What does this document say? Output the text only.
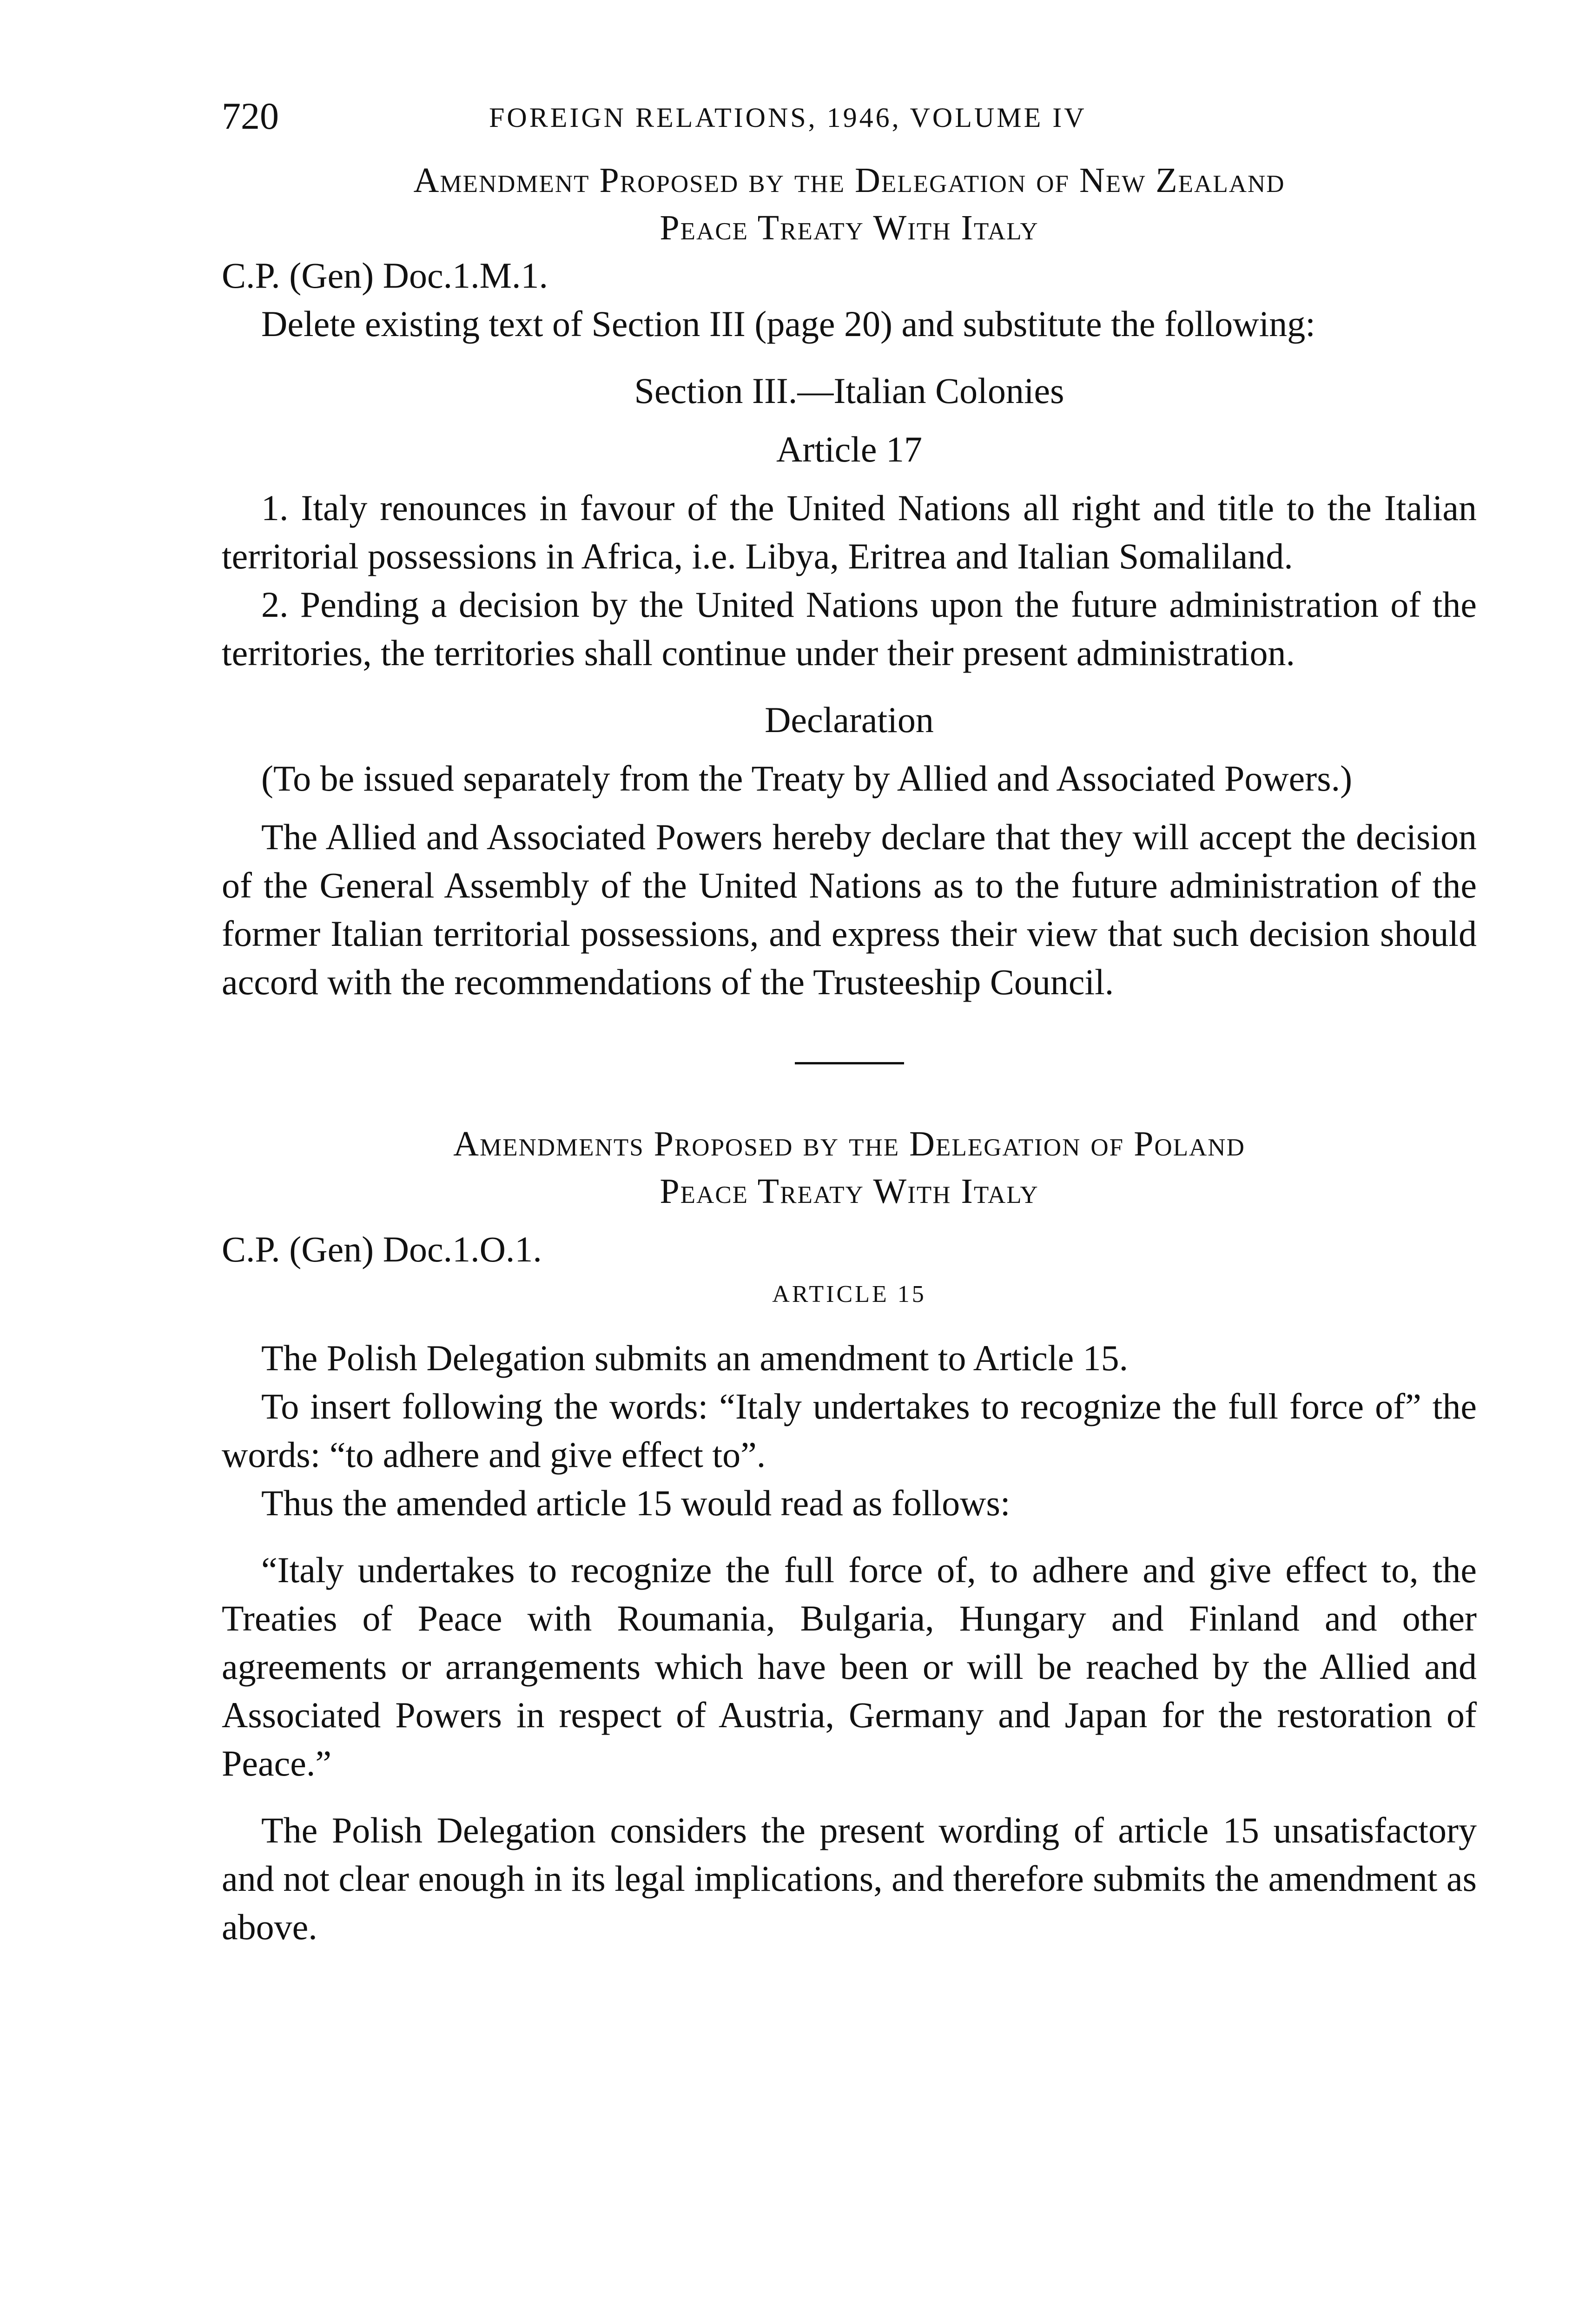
720	FOREIGN RELATIONS, 1946, VOLUME IV

Amendment Proposed by the Delegation of New Zealand

Peace Treaty With Italy

C.P. (Gen) Doc.1.M.1.

Delete existing text of Section III (page 20) and substitute the following:

Section III.—Italian Colonies

Article 17

1. Italy renounces in favour of the United Nations all right and title to the Italian territorial possessions in Africa, i.e. Libya, Eritrea and Italian Somaliland.

2. Pending a decision by the United Nations upon the future administration of the territories, the territories shall continue under their present administration.

Declaration

(To be issued separately from the Treaty by Allied and Associated Powers.)

The Allied and Associated Powers hereby declare that they will accept the decision of the General Assembly of the United Nations as to the future administration of the former Italian territorial possessions, and express their view that such decision should accord with the recommendations of the Trusteeship Council.

Amendments Proposed by the Delegation of Poland

Peace Treaty With Italy

C.P. (Gen) Doc.1.O.1.

ARTICLE 15

The Polish Delegation submits an amendment to Article 15.

To insert following the words: “Italy undertakes to recognize the full force of” the words: “to adhere and give effect to”.

Thus the amended article 15 would read as follows:

“Italy undertakes to recognize the full force of, to adhere and give effect to, the Treaties of Peace with Roumania, Bulgaria, Hungary and Finland and other agreements or arrangements which have been or will be reached by the Allied and Associated Powers in respect of Austria, Germany and Japan for the restoration of Peace.”

The Polish Delegation considers the present wording of article 15 unsatisfactory and not clear enough in its legal implications, and therefore submits the amendment as above.
